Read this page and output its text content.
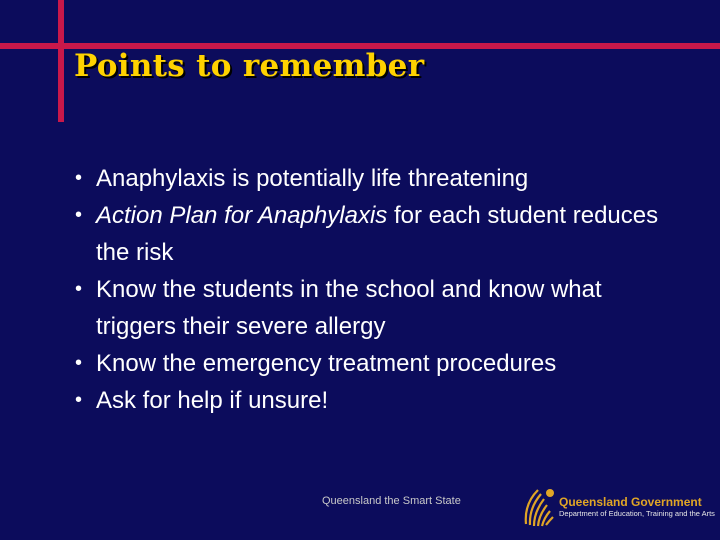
Points to remember
• Anaphylaxis is potentially life threatening
• Action Plan for Anaphylaxis for each student reduces the risk
• Know the students in the school and know what triggers their severe allergy
• Know the emergency treatment procedures
• Ask for help if unsure!
Queensland the Smart State	Queensland Government
Department of Education, Training and the Arts
